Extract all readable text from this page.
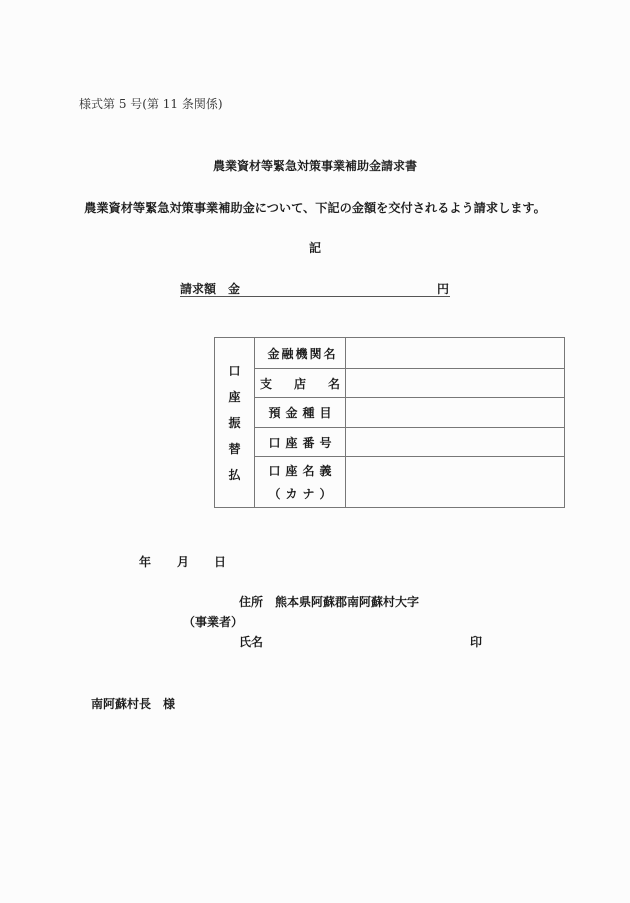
様式第 5 号(第 11 条関係)
農業資材等緊急対策事業補助金請求書
農業資材等緊急対策事業補助金について、下記の金額を交付されるよう請求します。
記
請求額　金	円
口
座
振
替
払	金融機関名	
	支　店　名	
	預金種目	
	口座番号	
	口座名義
（カナ）	

年 月 日
住所 熊本県阿蘇郡南阿蘇村大字
（事業者）
氏名	印
南阿蘇村長　様
